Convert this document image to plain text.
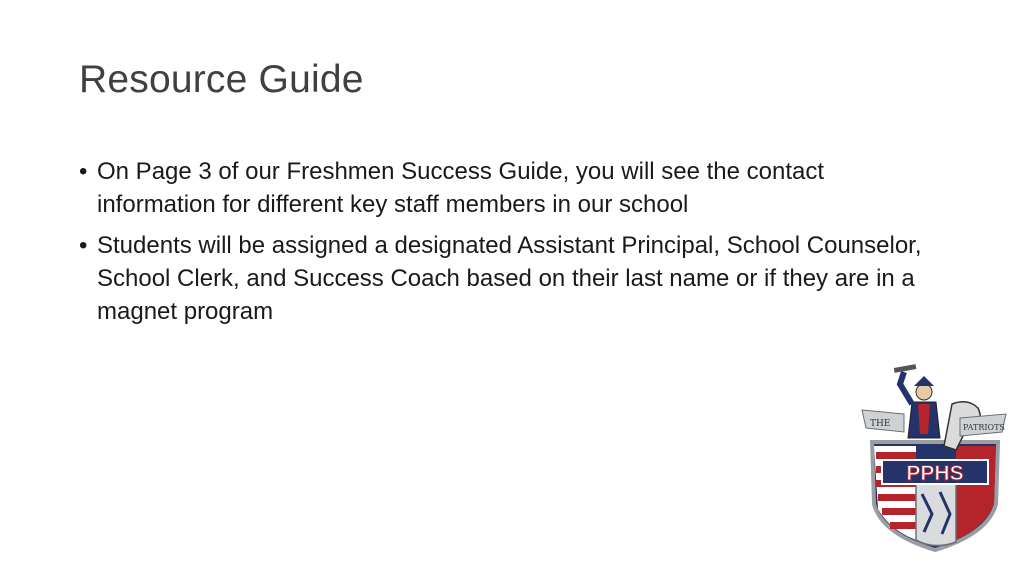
Resource Guide
• On Page 3 of our Freshmen Success Guide, you will see the contact information for different key staff members in our school
• Students will be assigned a designated Assistant Principal, School Counselor, School Clerk, and Success Coach based on their last name or if they are in a magnet program
THE	PATRIOTS
PPHS
